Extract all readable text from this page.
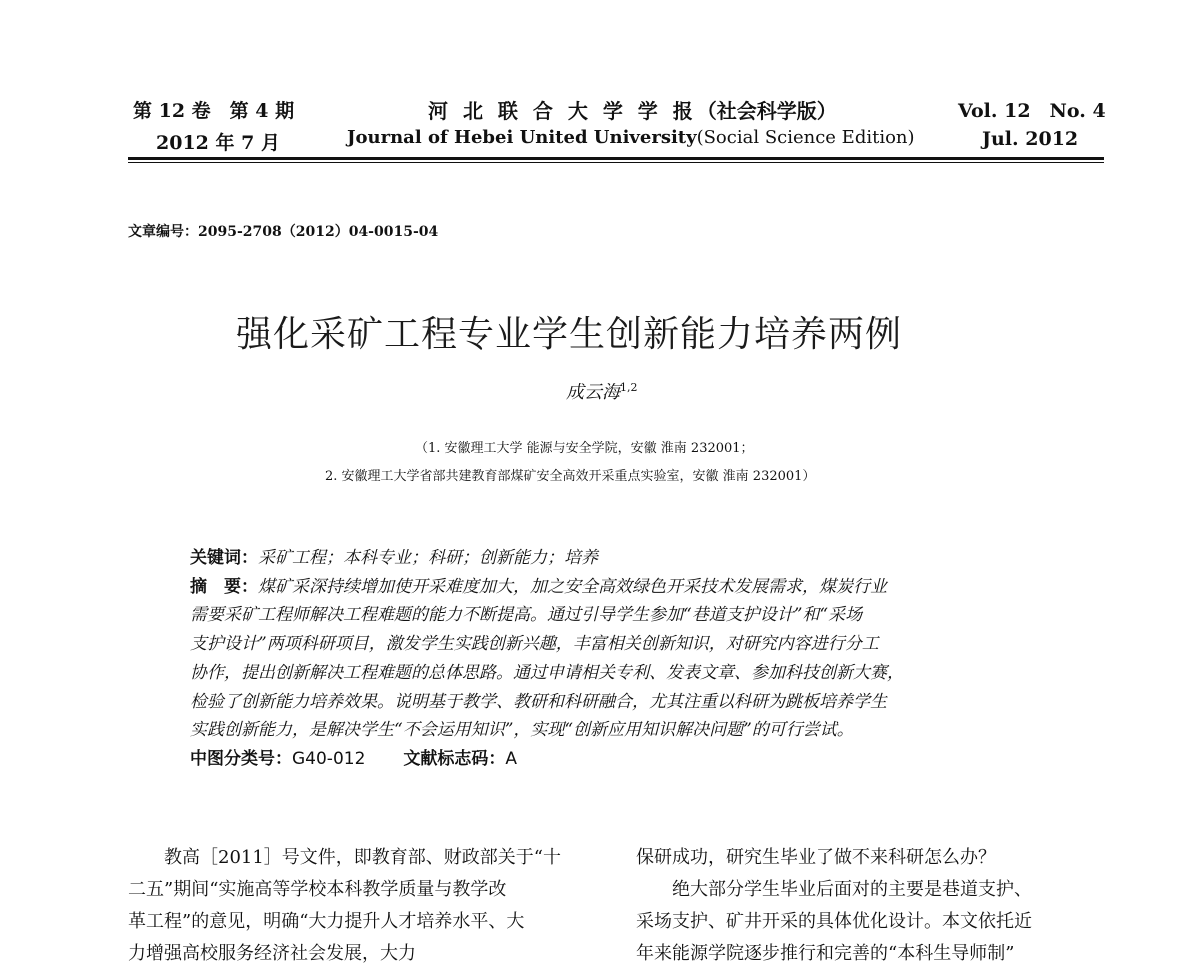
第 12 卷　第 4 期
2012 年 7 月
河 北 联 合 大 学 学 报（社会科学版）
Journal of Hebei United University(Social Science Edition)
Vol. 12　No. 4
Jul. 2012
文章编号：2095-2708（2012）04-0015-04
强化采矿工程专业学生创新能力培养两例
成云海$^{1,2}$
（1. 安徽理工大学 能源与安全学院，安徽 淮南 232001；
2. 安徽理工大学省部共建教育部煤矿安全高效开采重点实验室，安徽 淮南 232001）

关键词：采矿工程；本科专业；科研；创新能力；培养

摘　要：煤矿采深持续增加使开采难度加大，加之安全高效绿色开采技术发展需求，煤炭行业

需要采矿工程师解决工程难题的能力不断提高。通过引导学生参加“巷道支护设计”和“采场

支护设计”两项科研项目，激发学生实践创新兴趣，丰富相关创新知识，对研究内容进行分工

协作，提出创新解决工程难题的总体思路。通过申请相关专利、发表文章、参加科技创新大赛，

检验了创新能力培养效果。说明基于教学、教研和科研融合，尤其注重以科研为跳板培养学生

实践创新能力，是解决学生“不会运用知识”，实现“创新应用知识解决问题”的可行尝试。

中图分类号：G40-012 文献标志码：A

教高［2011］号文件，即教育部、财政部关于“十

二五”期间“实施高等学校本科教学质量与教学改

革工程”的意见，明确“大力提升人才培养水平、大

力增强高校服务经济社会发展，大力

保研成功，研究生毕业了做不来科研怎么办？

绝大部分学生毕业后面对的主要是巷道支护、

采场支护、矿井开采的具体优化设计。本文依托近

年来能源学院逐步推行和完善的“本科生导师制”
